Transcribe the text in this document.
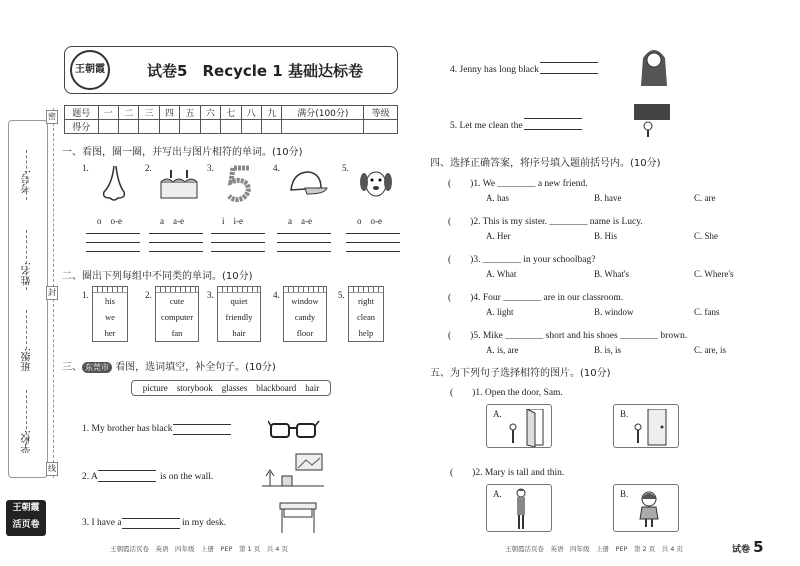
考号:
姓名:
班级:
学校:
密
封
线
王朝霞
活页卷
王朝霞	试卷5　Recycle 1 基础达标卷
题号	一	二	三	四	五	六	七	八	九	满分(100分)	等级
得分											
一、看图，圈一圈，并写出与图片相符的单词。(10分)
1.
o　o-e
2.
a　a-e
3.
i　i-e
4.
a　a-e
5.
o　o-e
二、圈出下列每组中不同类的单词。(10分)
1.
his
we
her
2.
cute
computer
fan
3.
quiet
friendly
hair
4.
window
candy
floor
5.
right
clean
help
三、 东莞市 看图，选词填空，补全句子。(10分)
picture　storybook　glasses　blackboard　hair
1. My brother has black
2. A	is on the wall.
3. I have a	in my desk.
4. Jenny has long black
5. Let me clean the
四、选择正确答案，将序号填入题前括号内。(10分)
(　　)1. We ________ a new friend.
A. has	B. have	C. are
(　　)2. This is my sister. ________ name is Lucy.
A. Her	B. His	C. She
(　　)3. ________ in your schoolbag?
A. What	B. What's	C. Where's
(　　)4. Four ________ are in our classroom.
A. light	B. window	C. fans
(　　)5. Mike ________ short and his shoes ________ brown.
A. is, are	B. is, is	C. are, is
五、为下列句子选择相符的图片。(10分)
(　　)1. Open the door, Sam.
A.	B.
(　　)2. Mary is tall and thin.
A.	B.
王朝霞活页卷　英语　四年级　上册　PEP　第 1 页　共 4 页	王朝霞活页卷　英语　四年级　上册　PEP　第 2 页　共 4 页	试卷 5
